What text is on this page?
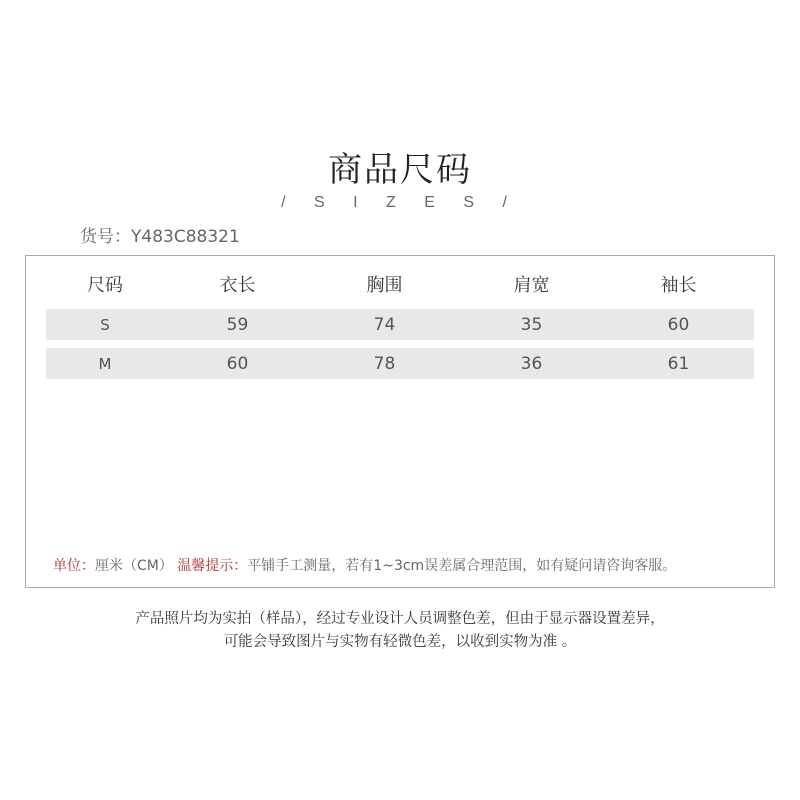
商品尺码
/ S I Z E S /
货号：Y483C88321
尺码	衣长	胸围	肩宽	袖长
S	59	74	35	60
M	60	78	36	61
单位：厘米（CM） 温馨提示：平铺手工测量，若有1~3cm误差属合理范围，如有疑问请咨询客服。
产品照片均为实拍（样品），经过专业设计人员调整色差，但由于显示器设置差异，
可能会导致图片与实物有轻微色差，以收到实物为准 。
